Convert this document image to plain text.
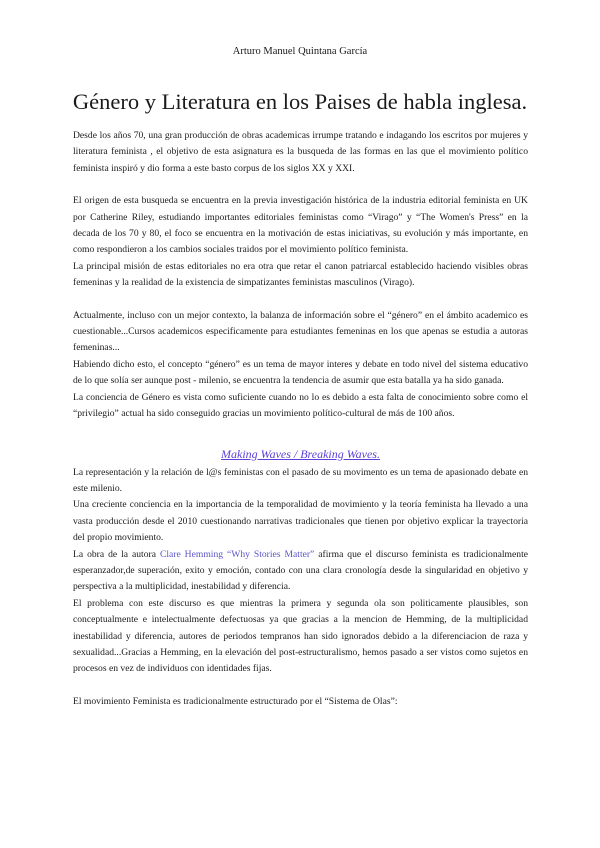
Arturo Manuel Quintana García
Género y Literatura en los Paises de habla inglesa.

Desde los años 70, una gran producción de obras academicas irrumpe tratando e indagando los escritos por mujeres y literatura feminista , el objetivo de esta asignatura es la busqueda de las formas en las que el movimiento político feminista inspiró y dio forma a este basto corpus de los siglos XX y XXI.

El origen de esta busqueda se encuentra en la previa investigación histórica de la industria editorial feminista en UK por Catherine Riley, estudiando importantes editoriales feministas como “Virago” y “The Women's Press” en la decada de los 70 y 80, el foco se encuentra en la motivación de estas iniciativas, su evolución y más importante, en como respondieron a los cambios sociales traidos por el movimiento político feminista.

La principal misión de estas editoriales no era otra que retar el canon patriarcal establecido haciendo visibles obras femeninas y la realidad de la existencia de simpatizantes feministas masculinos (Virago).

Actualmente, incluso con un mejor contexto, la balanza de información sobre el “género” en el ámbito academico es cuestionable...Cursos academicos especificamente para estudiantes femeninas en los que apenas se estudia a autoras femeninas...

Habiendo dicho esto, el concepto “género” es un tema de mayor interes y debate en todo nivel del sistema educativo de lo que solía ser aunque post - milenio, se encuentra la tendencia de asumir que esta batalla ya ha sido ganada.

La conciencia de Género es vista como suficiente cuando no lo es debido a esta falta de conocimiento sobre como el “privilegio” actual ha sido conseguido gracias un movimiento político-cultural de más de 100 años.

Making Waves / Breaking Waves.

La representación y la relación de l@s feministas con el pasado de su movimento es un tema de apasionado debate en este milenio.

Una creciente conciencia en la importancia de la temporalidad de movimiento y la teoría feminista ha llevado a una vasta producción desde el 2010 cuestionando narrativas tradicionales que tienen por objetivo explicar la trayectoria del propio movimiento.

La obra de la autora Clare Hemming “Why Stories Matter” afirma que el discurso feminista es tradicionalmente esperanzador,de superación, exito y emoción, contado con una clara cronología desde la singularidad en objetivo y perspectiva a la multiplicidad, inestabilidad y diferencia.

El problema con este discurso es que mientras la primera y segunda ola son politicamente plausibles, son conceptualmente e intelectualmente defectuosas ya que gracias a la mencion de Hemming, de la multiplicidad inestabilidad y diferencia, autores de periodos tempranos han sido ignorados debido a la diferenciacion de raza y sexualidad...Gracias a Hemming, en la elevación del post-estructuralismo, hemos pasado a ser vistos como sujetos en procesos en vez de individuos con identidades fijas.

El movimiento Feminista es tradicionalmente estructurado por el “Sistema de Olas”:
